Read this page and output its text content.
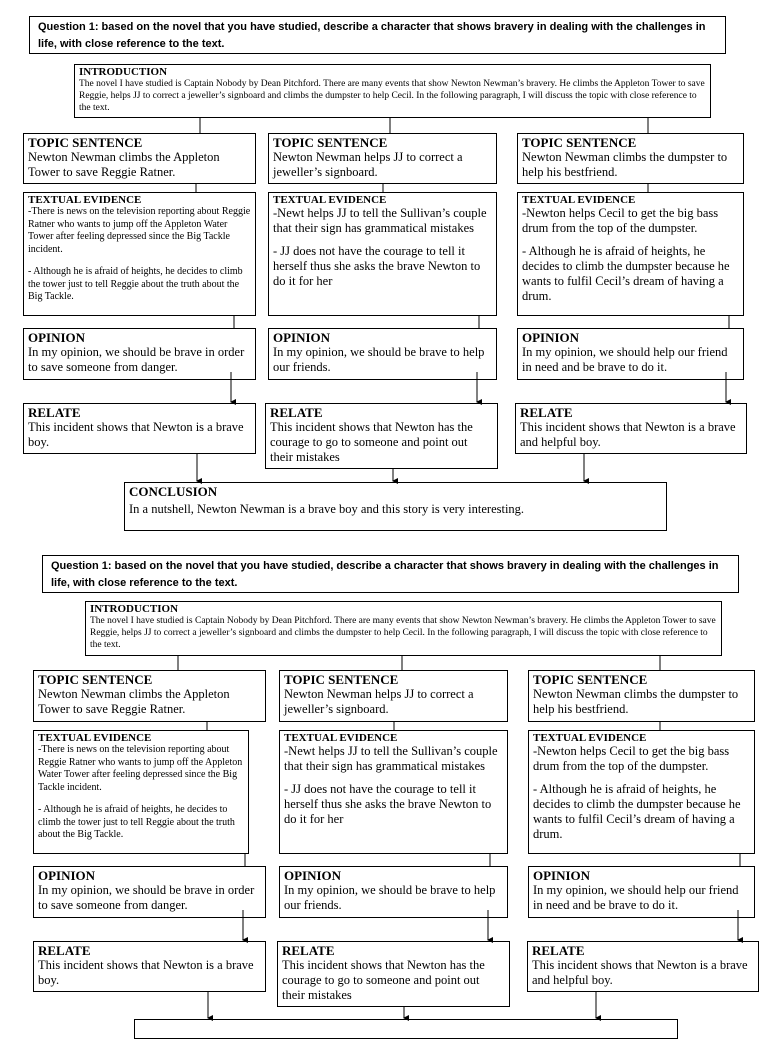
Question 1: based on the novel that you have studied, describe a character that shows bravery in dealing with the challenges in life, with close reference to the text.
INTRODUCTION
The novel I have studied is Captain Nobody by Dean Pitchford. There are many events that show Newton Newman’s bravery. He climbs the Appleton Tower to save Reggie, helps JJ to correct a jeweller’s signboard and climbs the dumpster to help Cecil. In the following paragraph, I will discuss the topic with close reference to the text.
TOPIC SENTENCE
Newton Newman climbs the Appleton Tower to save Reggie Ratner.
TEXTUAL EVIDENCE
-There is news on the television reporting about Reggie Ratner who wants to jump off the Appleton Water Tower after feeling depressed since the Big Tackle incident.
- Although he is afraid of heights, he decides to climb the tower just to tell Reggie about the truth about the Big Tackle.
OPINION
In my opinion, we should be brave in order to save someone from danger.
RELATE
This incident shows that Newton is a brave boy.
TOPIC SENTENCE
Newton Newman helps JJ to correct a jeweller’s signboard.
TEXTUAL EVIDENCE
-Newt helps JJ to tell the Sullivan’s couple that their sign has grammatical mistakes
- JJ does not have the courage to tell it herself thus she asks the brave Newton to do it for her
OPINION
In my opinion, we should be brave to help our friends.
RELATE
This incident shows that Newton has the courage to go to someone and point out their mistakes
TOPIC SENTENCE
Newton Newman climbs the dumpster to help his bestfriend.
TEXTUAL EVIDENCE
-Newton helps Cecil to get the big bass drum from the top of the dumpster.
- Although he is afraid of heights, he decides to climb the dumpster because he wants to fulfil Cecil’s dream of having a drum.
OPINION
In my opinion, we should help our friend in need and be brave to do it.
RELATE
This incident shows that Newton is a brave and helpful boy.
CONCLUSION
In a nutshell, Newton Newman is a brave boy and this story is very interesting.
Question 1: based on the novel that you have studied, describe a character that shows bravery in dealing with the challenges in life, with close reference to the text.
INTRODUCTION
The novel I have studied is Captain Nobody by Dean Pitchford. There are many events that show Newton Newman’s bravery. He climbs the Appleton Tower to save Reggie, helps JJ to correct a jeweller’s signboard and climbs the dumpster to help Cecil. In the following paragraph, I will discuss the topic with close reference to the text.
TOPIC SENTENCE
Newton Newman climbs the Appleton Tower to save Reggie Ratner.
TEXTUAL EVIDENCE
-There is news on the television reporting about Reggie Ratner who wants to jump off the Appleton Water Tower after feeling depressed since the Big Tackle incident.
- Although he is afraid of heights, he decides to climb the tower just to tell Reggie about the truth about the Big Tackle.
OPINION
In my opinion, we should be brave in order to save someone from danger.
RELATE
This incident shows that Newton is a brave boy.
TOPIC SENTENCE
Newton Newman helps JJ to correct a jeweller’s signboard.
TEXTUAL EVIDENCE
-Newt helps JJ to tell the Sullivan’s couple that their sign has grammatical mistakes
- JJ does not have the courage to tell it herself thus she asks the brave Newton to do it for her
OPINION
In my opinion, we should be brave to help our friends.
RELATE
This incident shows that Newton has the courage to go to someone and point out their mistakes
TOPIC SENTENCE
Newton Newman climbs the dumpster to help his bestfriend.
TEXTUAL EVIDENCE
-Newton helps Cecil to get the big bass drum from the top of the dumpster.
- Although he is afraid of heights, he decides to climb the dumpster because he wants to fulfil Cecil’s dream of having a drum.
OPINION
In my opinion, we should help our friend in need and be brave to do it.
RELATE
This incident shows that Newton is a brave and helpful boy.
